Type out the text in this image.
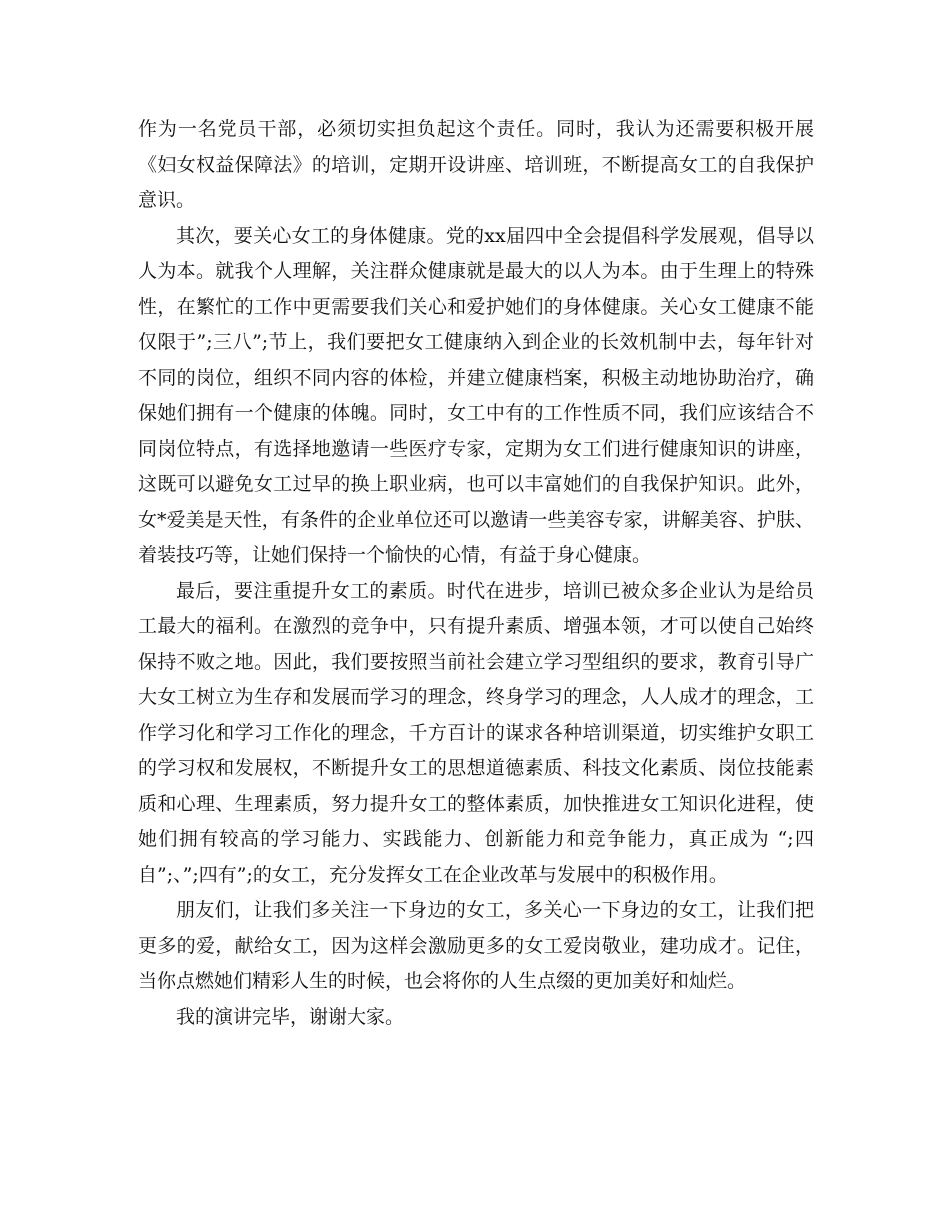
作为一名党员干部，必须切实担负起这个责任。同时，我认为还需要积极开展《妇女权益保障法》的培训，定期开设讲座、培训班，不断提高女工的自我保护意识。

其次，要关心女工的身体健康。党的xx届四中全会提倡科学发展观，倡导以人为本。就我个人理解，关注群众健康就是最大的以人为本。由于生理上的特殊性，在繁忙的工作中更需要我们关心和爱护她们的身体健康。关心女工健康不能仅限于”;三八”;节上，我们要把女工健康纳入到企业的长效机制中去，每年针对不同的岗位，组织不同内容的体检，并建立健康档案，积极主动地协助治疗，确保她们拥有一个健康的体魄。同时，女工中有的工作性质不同，我们应该结合不同岗位特点，有选择地邀请一些医疗专家，定期为女工们进行健康知识的讲座，这既可以避免女工过早的换上职业病，也可以丰富她们的自我保护知识。此外，女*爱美是天性，有条件的企业单位还可以邀请一些美容专家，讲解美容、护肤、着装技巧等，让她们保持一个愉快的心情，有益于身心健康。

最后，要注重提升女工的素质。时代在进步，培训已被众多企业认为是给员工最大的福利。在激烈的竞争中，只有提升素质、增强本领，才可以使自己始终保持不败之地。因此，我们要按照当前社会建立学习型组织的要求，教育引导广大女工树立为生存和发展而学习的理念，终身学习的理念，人人成才的理念，工作学习化和学习工作化的理念，千方百计的谋求各种培训渠道，切实维护女职工的学习权和发展权，不断提升女工的思想道德素质、科技文化素质、岗位技能素质和心理、生理素质，努力提升女工的整体素质，加快推进女工知识化进程，使她们拥有较高的学习能力、实践能力、创新能力和竞争能力，真正成为 “;四自”;、”;四有”;的女工，充分发挥女工在企业改革与发展中的积极作用。

朋友们，让我们多关注一下身边的女工，多关心一下身边的女工，让我们把更多的爱，献给女工，因为这样会激励更多的女工爱岗敬业，建功成才。记住，当你点燃她们精彩人生的时候，也会将你的人生点缀的更加美好和灿烂。

我的演讲完毕，谢谢大家。
